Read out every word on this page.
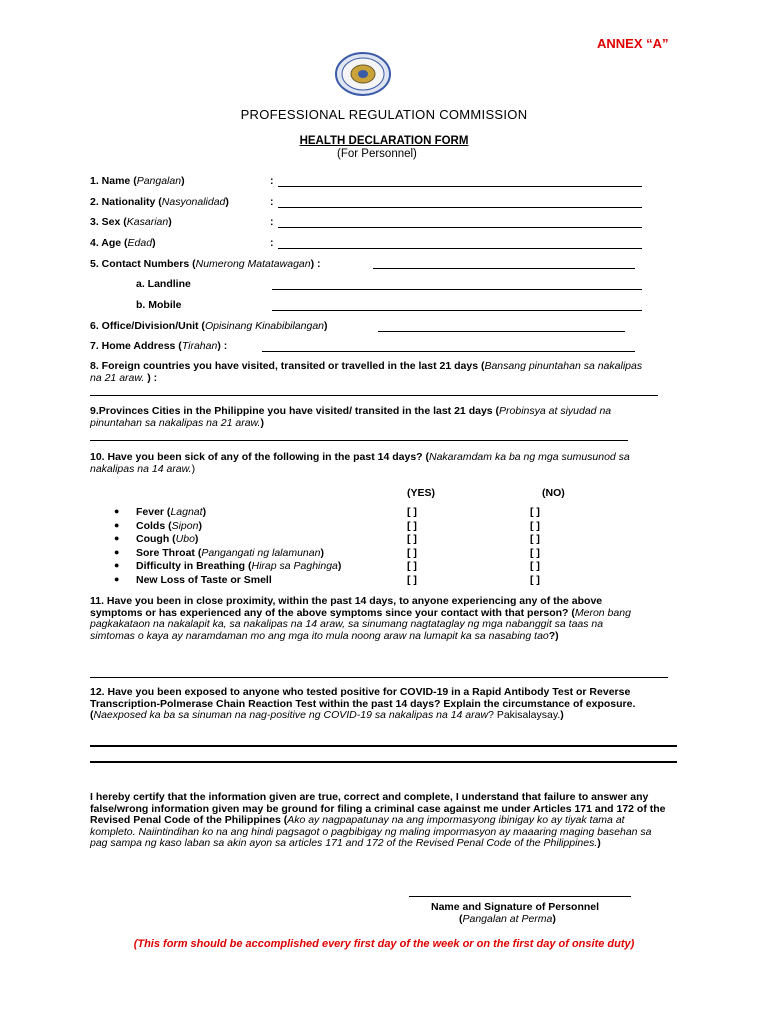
ANNEX “A”
PROFESSIONAL REGULATION COMMISSION
HEALTH DECLARATION FORM
(For Personnel)
1. Name (Pangalan)	:
2. Nationality (Nasyonalidad)	:
3. Sex (Kasarian)	:
4. Age (Edad)	:
5. Contact Numbers (Numerong Matatawagan) :
a. Landline
b. Mobile
6. Office/Division/Unit (Opisinang Kinabibilangan)
7. Home Address (Tirahan) :
8. Foreign countries you have visited, transited or travelled in the last 21 days (Bansang pinuntahan sa nakalipas na 21 araw. ) :
9.Provinces Cities in the Philippine you have visited/ transited in the last 21 days (Probinsya at siyudad na pinuntahan sa nakalipas na 21 araw.)
10. Have you been sick of any of the following in the past 14 days? (Nakaramdam ka ba ng mga sumusunod sa nakalipas na 14 araw.)
(YES)	(NO)
● Fever (Lagnat)	[ ]	[ ]
● Colds (Sipon)	[ ]	[ ]
● Cough (Ubo)	[ ]	[ ]
● Sore Throat (Pangangati ng lalamunan)	[ ]	[ ]
● Difficulty in Breathing (Hirap sa Paghinga)	[ ]	[ ]
● New Loss of Taste or Smell	[ ]	[ ]
11. Have you been in close proximity, within the past 14 days, to anyone experiencing any of the above symptoms or has experienced any of the above symptoms since your contact with that person? (Meron bang pagkakataon na nakalapit ka, sa nakalipas na 14 araw, sa sinumang nagtataglay ng mga nabanggit sa taas na simtomas o kaya ay naramdaman mo ang mga ito mula noong araw na lumapit ka sa nasabing tao?)
12. Have you been exposed to anyone who tested positive for COVID-19 in a Rapid Antibody Test or Reverse Transcription-Polmerase Chain Reaction Test within the past 14 days? Explain the circumstance of exposure. (Naexposed ka ba sa sinuman na nag-positive ng COVID-19 sa nakalipas na 14 araw? Pakisalaysay.)
I hereby certify that the information given are true, correct and complete, I understand that failure to answer any false/wrong information given may be ground for filing a criminal case against me under Articles 171 and 172 of the Revised Penal Code of the Philippines (Ako ay nagpapatunay na ang impormasyong ibinigay ko ay tiyak tama at kompleto. Naiintindihan ko na ang hindi pagsagot o pagbibigay ng maling impormasyon ay maaaring maging basehan sa pag sampa ng kaso laban sa akin ayon sa articles 171 and 172 of the Revised Penal Code of the Philippines.)
Name and Signature of Personnel
(Pangalan at Perma)
(This form should be accomplished every first day of the week or on the first day of onsite duty)
